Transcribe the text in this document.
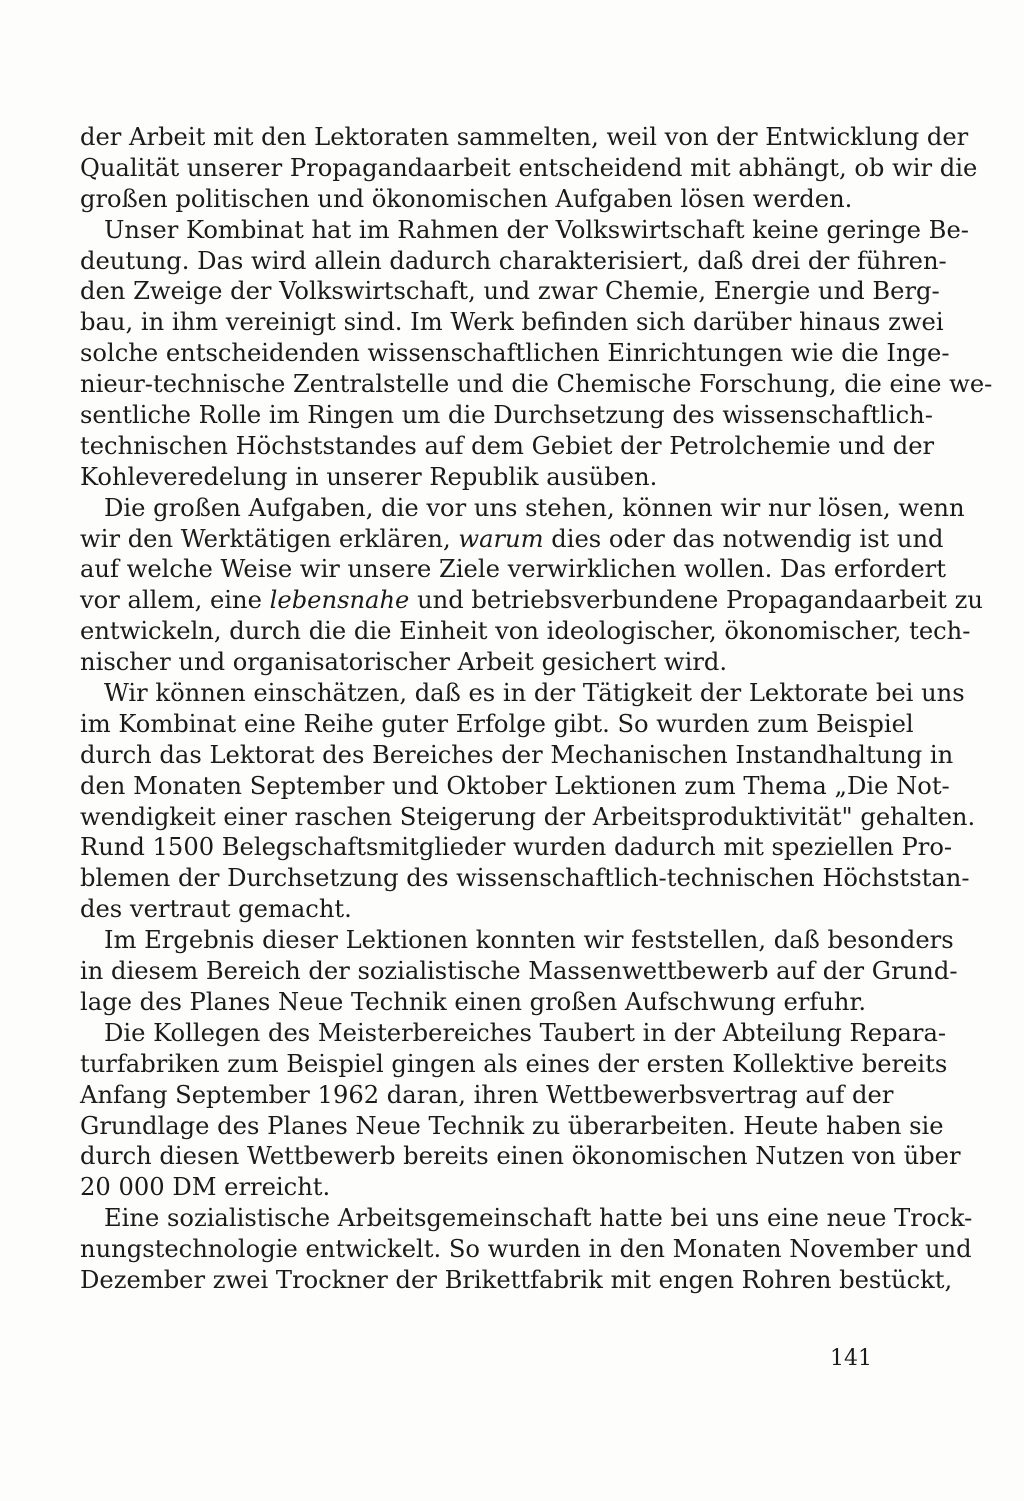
der Arbeit mit den Lektoraten sammelten, weil von der Entwicklung der
Qualität unserer Propagandaarbeit entscheidend mit abhängt, ob wir die
großen politischen und ökonomischen Aufgaben lösen werden.
Unser Kombinat hat im Rahmen der Volkswirtschaft keine geringe Be-
deutung. Das wird allein dadurch charakterisiert, daß drei der führen-
den Zweige der Volkswirtschaft, und zwar Chemie, Energie und Berg-
bau, in ihm vereinigt sind. Im Werk befinden sich darüber hinaus zwei
solche entscheidenden wissenschaftlichen Einrichtungen wie die Inge-
nieur-technische Zentralstelle und die Chemische Forschung, die eine we-
sentliche Rolle im Ringen um die Durchsetzung des wissenschaftlich-
technischen Höchststandes auf dem Gebiet der Petrolchemie und der
Kohleveredelung in unserer Republik ausüben.
Die großen Aufgaben, die vor uns stehen, können wir nur lösen, wenn
wir den Werktätigen erklären, warum dies oder das notwendig ist und
auf welche Weise wir unsere Ziele verwirklichen wollen. Das erfordert
vor allem, eine lebensnahe und betriebsverbundene Propagandaarbeit zu
entwickeln, durch die die Einheit von ideologischer, ökonomischer, tech-
nischer und organisatorischer Arbeit gesichert wird.
Wir können einschätzen, daß es in der Tätigkeit der Lektorate bei uns
im Kombinat eine Reihe guter Erfolge gibt. So wurden zum Beispiel
durch das Lektorat des Bereiches der Mechanischen Instandhaltung in
den Monaten September und Oktober Lektionen zum Thema „Die Not-
wendigkeit einer raschen Steigerung der Arbeitsproduktivität" gehalten.
Rund 1500 Belegschaftsmitglieder wurden dadurch mit speziellen Pro-
blemen der Durchsetzung des wissenschaftlich-technischen Höchststan-
des vertraut gemacht.
Im Ergebnis dieser Lektionen konnten wir feststellen, daß besonders
in diesem Bereich der sozialistische Massenwettbewerb auf der Grund-
lage des Planes Neue Technik einen großen Aufschwung erfuhr.
Die Kollegen des Meisterbereiches Taubert in der Abteilung Repara-
turfabriken zum Beispiel gingen als eines der ersten Kollektive bereits
Anfang September 1962 daran, ihren Wettbewerbsvertrag auf der
Grundlage des Planes Neue Technik zu überarbeiten. Heute haben sie
durch diesen Wettbewerb bereits einen ökonomischen Nutzen von über
20 000 DM erreicht.
Eine sozialistische Arbeitsgemeinschaft hatte bei uns eine neue Trock-
nungstechnologie entwickelt. So wurden in den Monaten November und
Dezember zwei Trockner der Brikettfabrik mit engen Rohren bestückt,
141
